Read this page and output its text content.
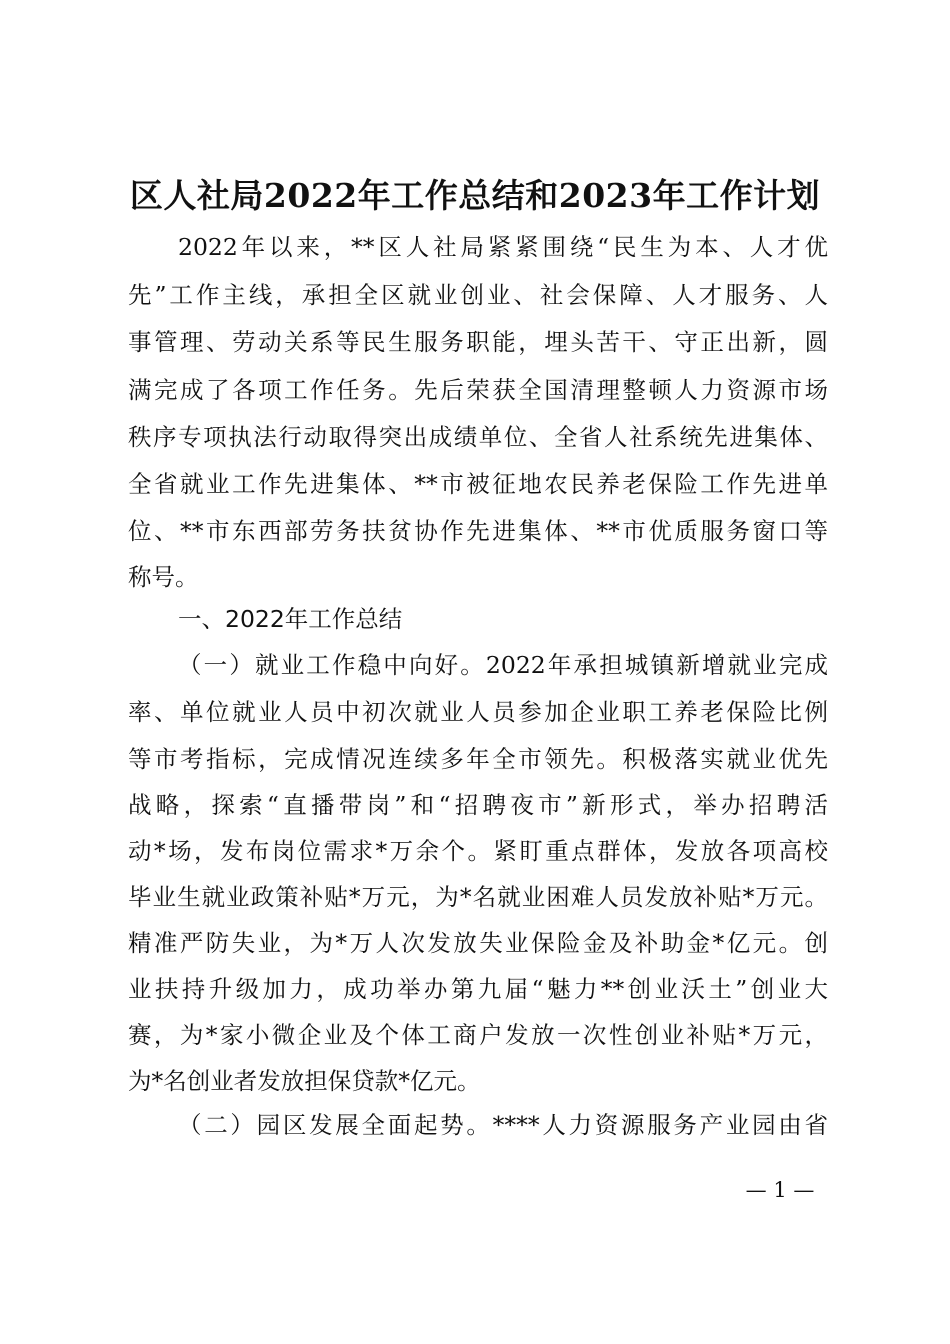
区人社局2022年工作总结和2023年工作计划
2022年以来，**区人社局紧紧围绕“民生为本、人才优
先”工作主线，承担全区就业创业、社会保障、人才服务、人
事管理、劳动关系等民生服务职能，埋头苦干、守正出新，圆
满完成了各项工作任务。先后荣获全国清理整顿人力资源市场
秩序专项执法行动取得突出成绩单位、全省人社系统先进集体、
全省就业工作先进集体、**市被征地农民养老保险工作先进单
位、**市东西部劳务扶贫协作先进集体、**市优质服务窗口等
称号。
一、2022年工作总结
（一）就业工作稳中向好。2022年承担城镇新增就业完成
率、单位就业人员中初次就业人员参加企业职工养老保险比例
等市考指标，完成情况连续多年全市领先。积极落实就业优先
战略，探索“直播带岗”和“招聘夜市”新形式，举办招聘活
动*场，发布岗位需求*万余个。紧盯重点群体，发放各项高校
毕业生就业政策补贴*万元，为*名就业困难人员发放补贴*万元。
精准严防失业，为*万人次发放失业保险金及补助金*亿元。创
业扶持升级加力，成功举办第九届“魅力**创业沃土”创业大
赛，为*家小微企业及个体工商户发放一次性创业补贴*万元，
为*名创业者发放担保贷款*亿元。
（二）园区发展全面起势。****人力资源服务产业园由省
— 1 —
